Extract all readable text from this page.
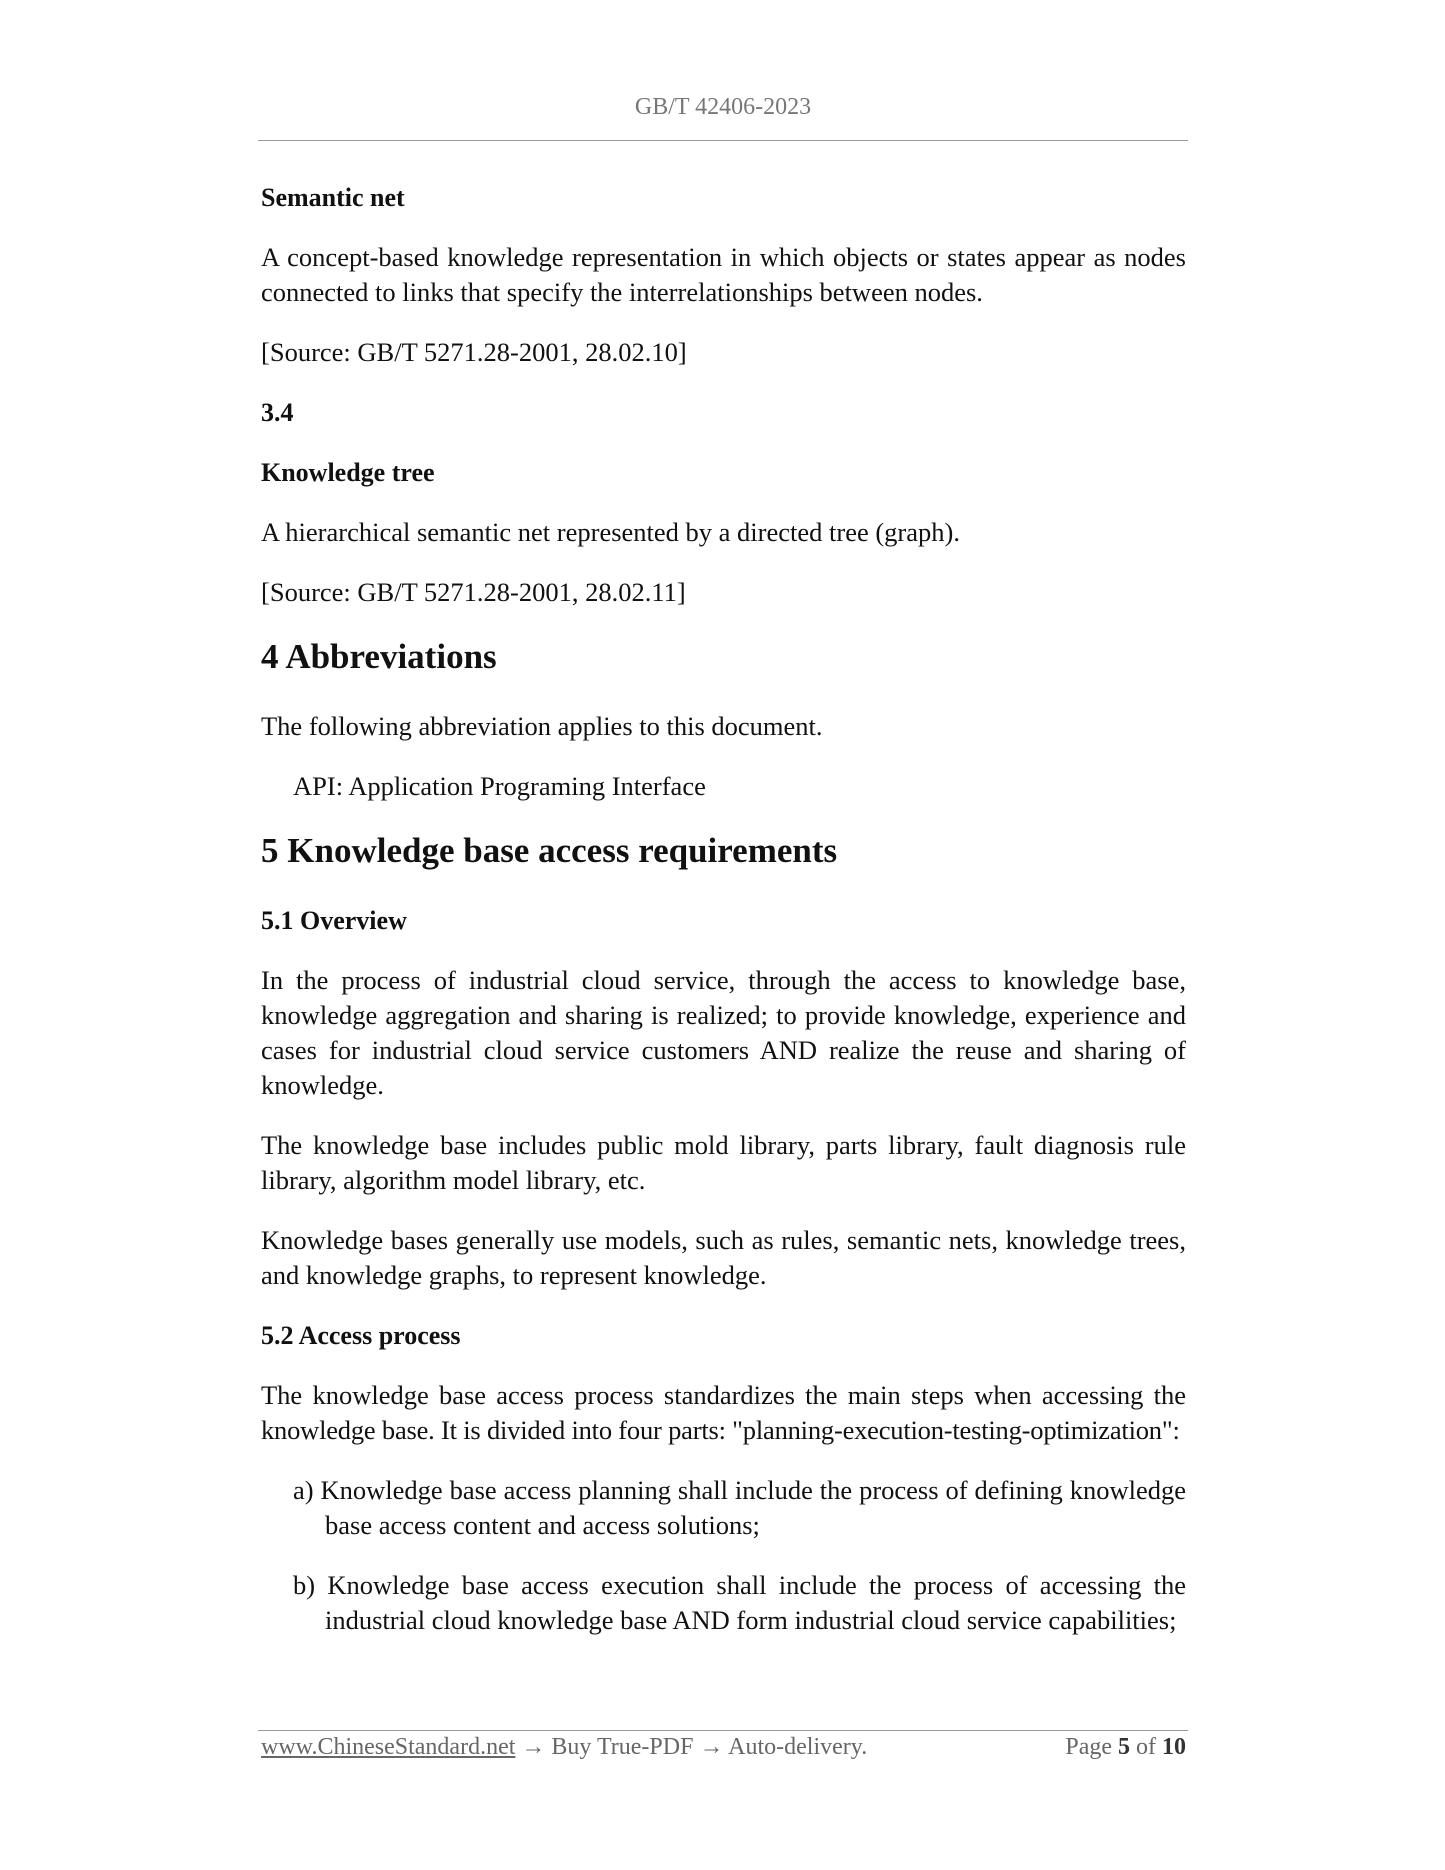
GB/T 42406-2023
Semantic net

A concept-based knowledge representation in which objects or states appear as nodes connected to links that specify the interrelationships between nodes.

[Source: GB/T 5271.28-2001, 28.02.10]

3.4
Knowledge tree

A hierarchical semantic net represented by a directed tree (graph).

[Source: GB/T 5271.28-2001, 28.02.11]

4 Abbreviations

The following abbreviation applies to this document.

API: Application Programing Interface

5 Knowledge base access requirements
5.1 Overview

In the process of industrial cloud service, through the access to knowledge base, knowledge aggregation and sharing is realized; to provide knowledge, experience and cases for industrial cloud service customers AND realize the reuse and sharing of knowledge.

The knowledge base includes public mold library, parts library, fault diagnosis rule library, algorithm model library, etc.

Knowledge bases generally use models, such as rules, semantic nets, knowledge trees, and knowledge graphs, to represent knowledge.

5.2 Access process

The knowledge base access process standardizes the main steps when accessing the
knowledge base. It is divided into four parts: "planning-execution-testing-optimization":

a) Knowledge base access planning shall include the process of defining knowledge
base access content and access solutions;
b) Knowledge base access execution shall include the process of accessing the
industrial cloud knowledge base AND form industrial cloud service capabilities;
www.ChineseStandard.net → Buy True-PDF → Auto-delivery.	Page 5 of 10
